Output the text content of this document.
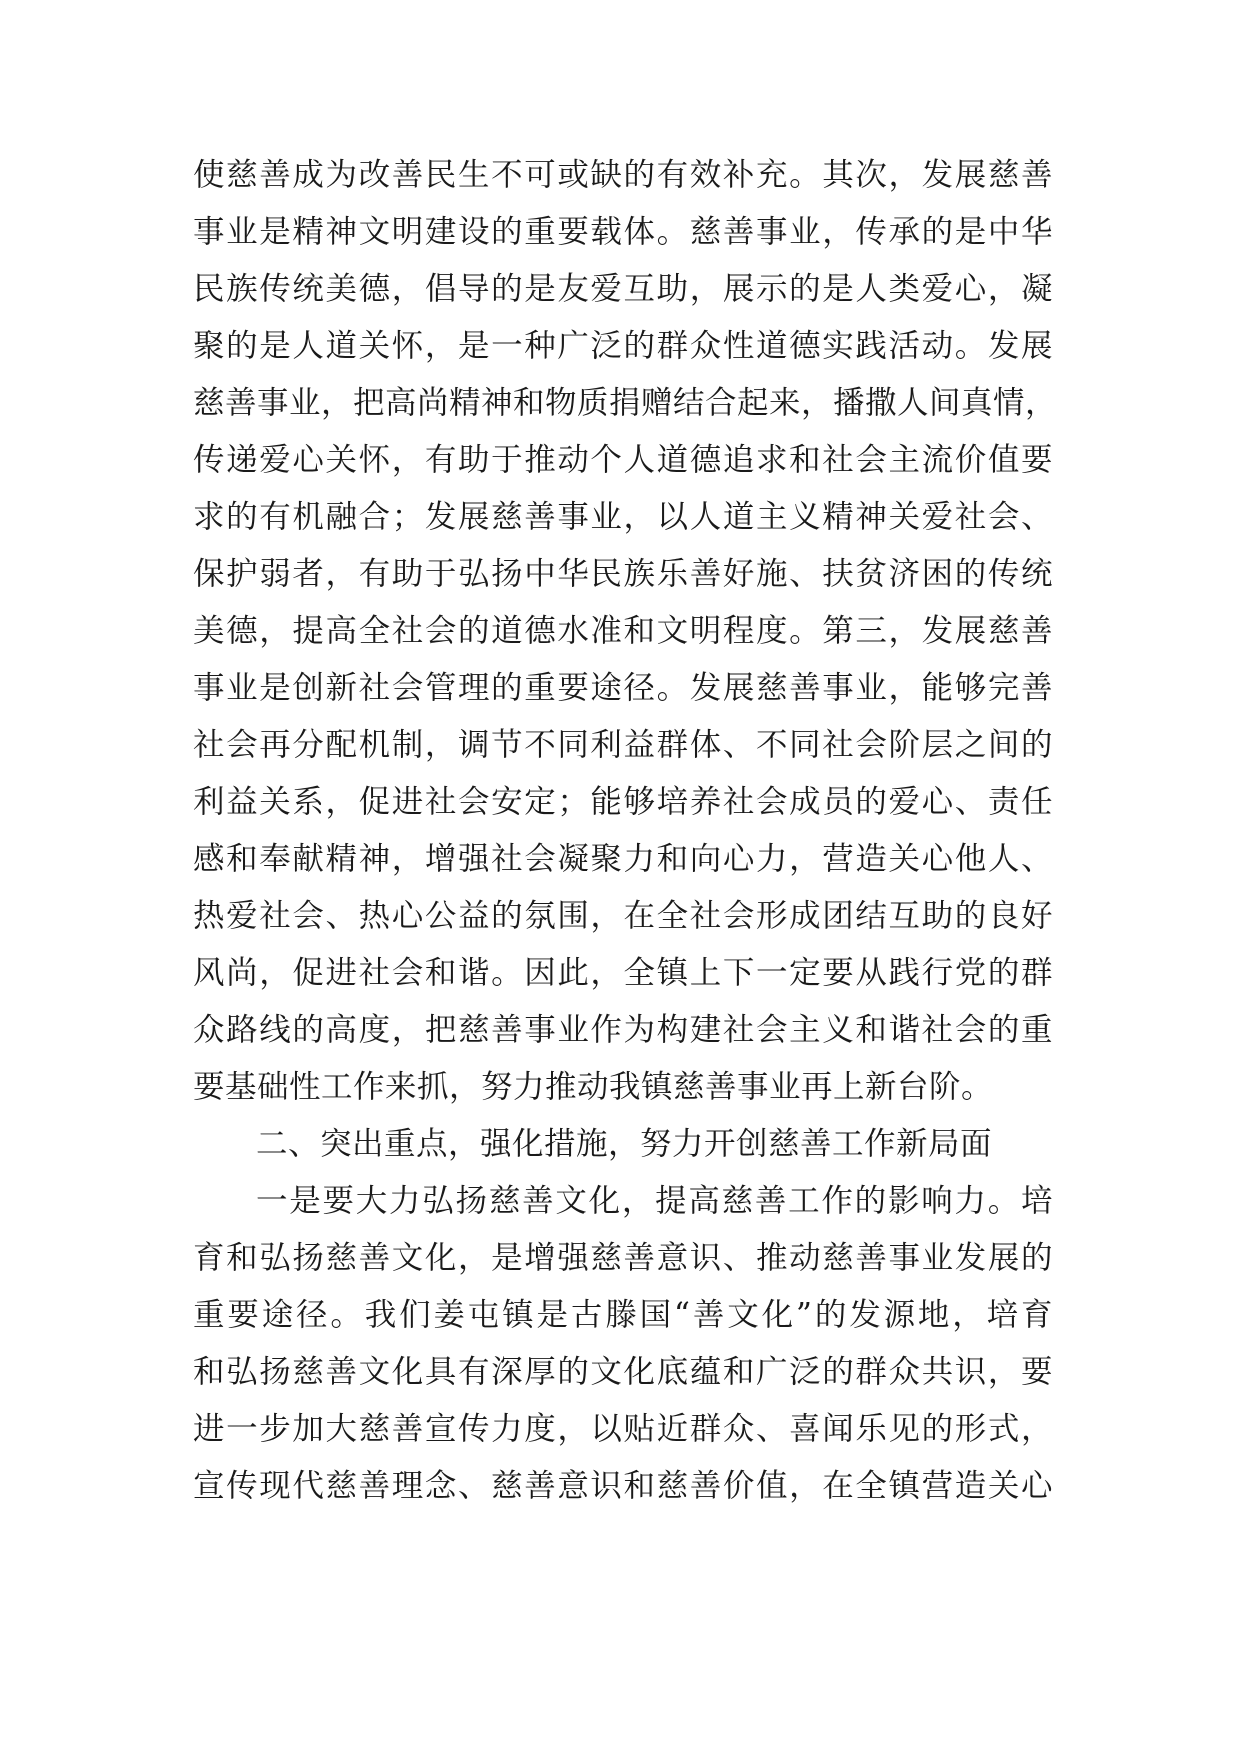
使慈善成为改善民生不可或缺的有效补充。其次，发展慈善
事业是精神文明建设的重要载体。慈善事业，传承的是中华
民族传统美德，倡导的是友爱互助，展示的是人类爱心，凝
聚的是人道关怀，是一种广泛的群众性道德实践活动。发展
慈善事业，把高尚精神和物质捐赠结合起来，播撒人间真情，
传递爱心关怀，有助于推动个人道德追求和社会主流价值要
求的有机融合；发展慈善事业，以人道主义精神关爱社会、
保护弱者，有助于弘扬中华民族乐善好施、扶贫济困的传统
美德，提高全社会的道德水准和文明程度。第三，发展慈善
事业是创新社会管理的重要途径。发展慈善事业，能够完善
社会再分配机制，调节不同利益群体、不同社会阶层之间的
利益关系，促进社会安定；能够培养社会成员的爱心、责任
感和奉献精神，增强社会凝聚力和向心力，营造关心他人、
热爱社会、热心公益的氛围，在全社会形成团结互助的良好
风尚，促进社会和谐。因此，全镇上下一定要从践行党的群
众路线的高度，把慈善事业作为构建社会主义和谐社会的重
要基础性工作来抓，努力推动我镇慈善事业再上新台阶。
二、突出重点，强化措施，努力开创慈善工作新局面
一是要大力弘扬慈善文化，提高慈善工作的影响力。培
育和弘扬慈善文化，是增强慈善意识、推动慈善事业发展的
重要途径。我们姜屯镇是古滕国“善文化”的发源地，培育
和弘扬慈善文化具有深厚的文化底蕴和广泛的群众共识，要
进一步加大慈善宣传力度，以贴近群众、喜闻乐见的形式，
宣传现代慈善理念、慈善意识和慈善价值，在全镇营造关心
